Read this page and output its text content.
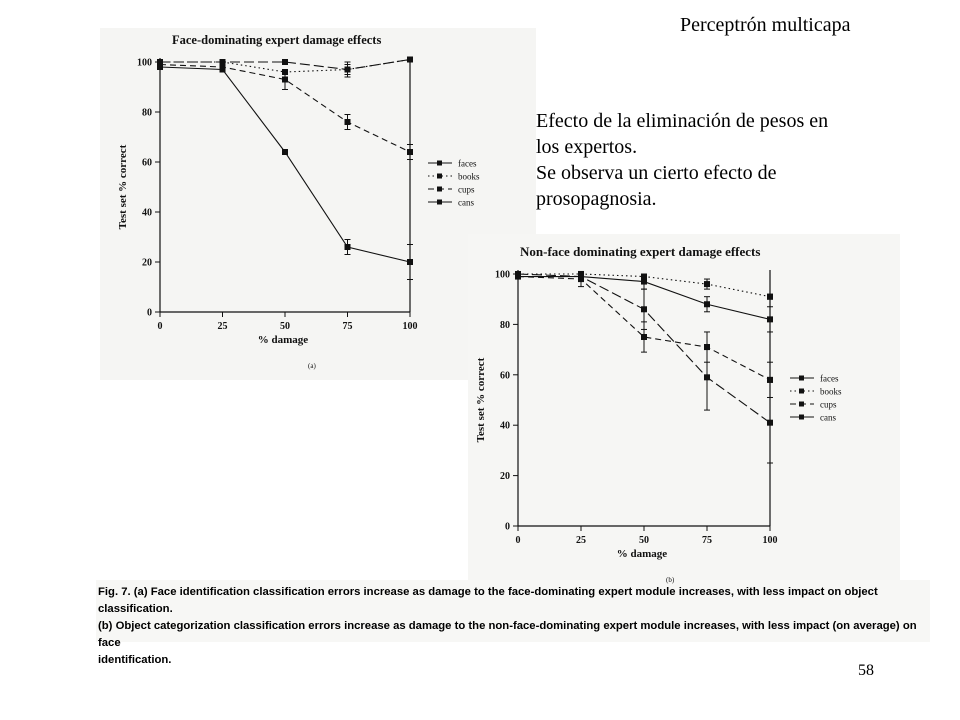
Perceptrón multicapa
Efecto de la eliminación de pesos en
los expertos.
Se observa un cierto efecto de
prosopagnosia.
Face-dominating expert damage effects
0
20
40
60
80
100
0	25	50	75	100
% damage
Test set % correct
(a)
faces
books
cups
cans
Non-face dominating expert damage effects
0
20
40
60
80
100
0	25	50	75	100
% damage
Test set % correct
(b)
faces
books
cups
cans
Fig. 7. (a) Face identification classification errors increase as damage to the face-dominating expert module increases, with less impact on object classification.
(b) Object categorization classification errors increase as damage to the non-face-dominating expert module increases, with less impact (on average) on face
identification.
58
